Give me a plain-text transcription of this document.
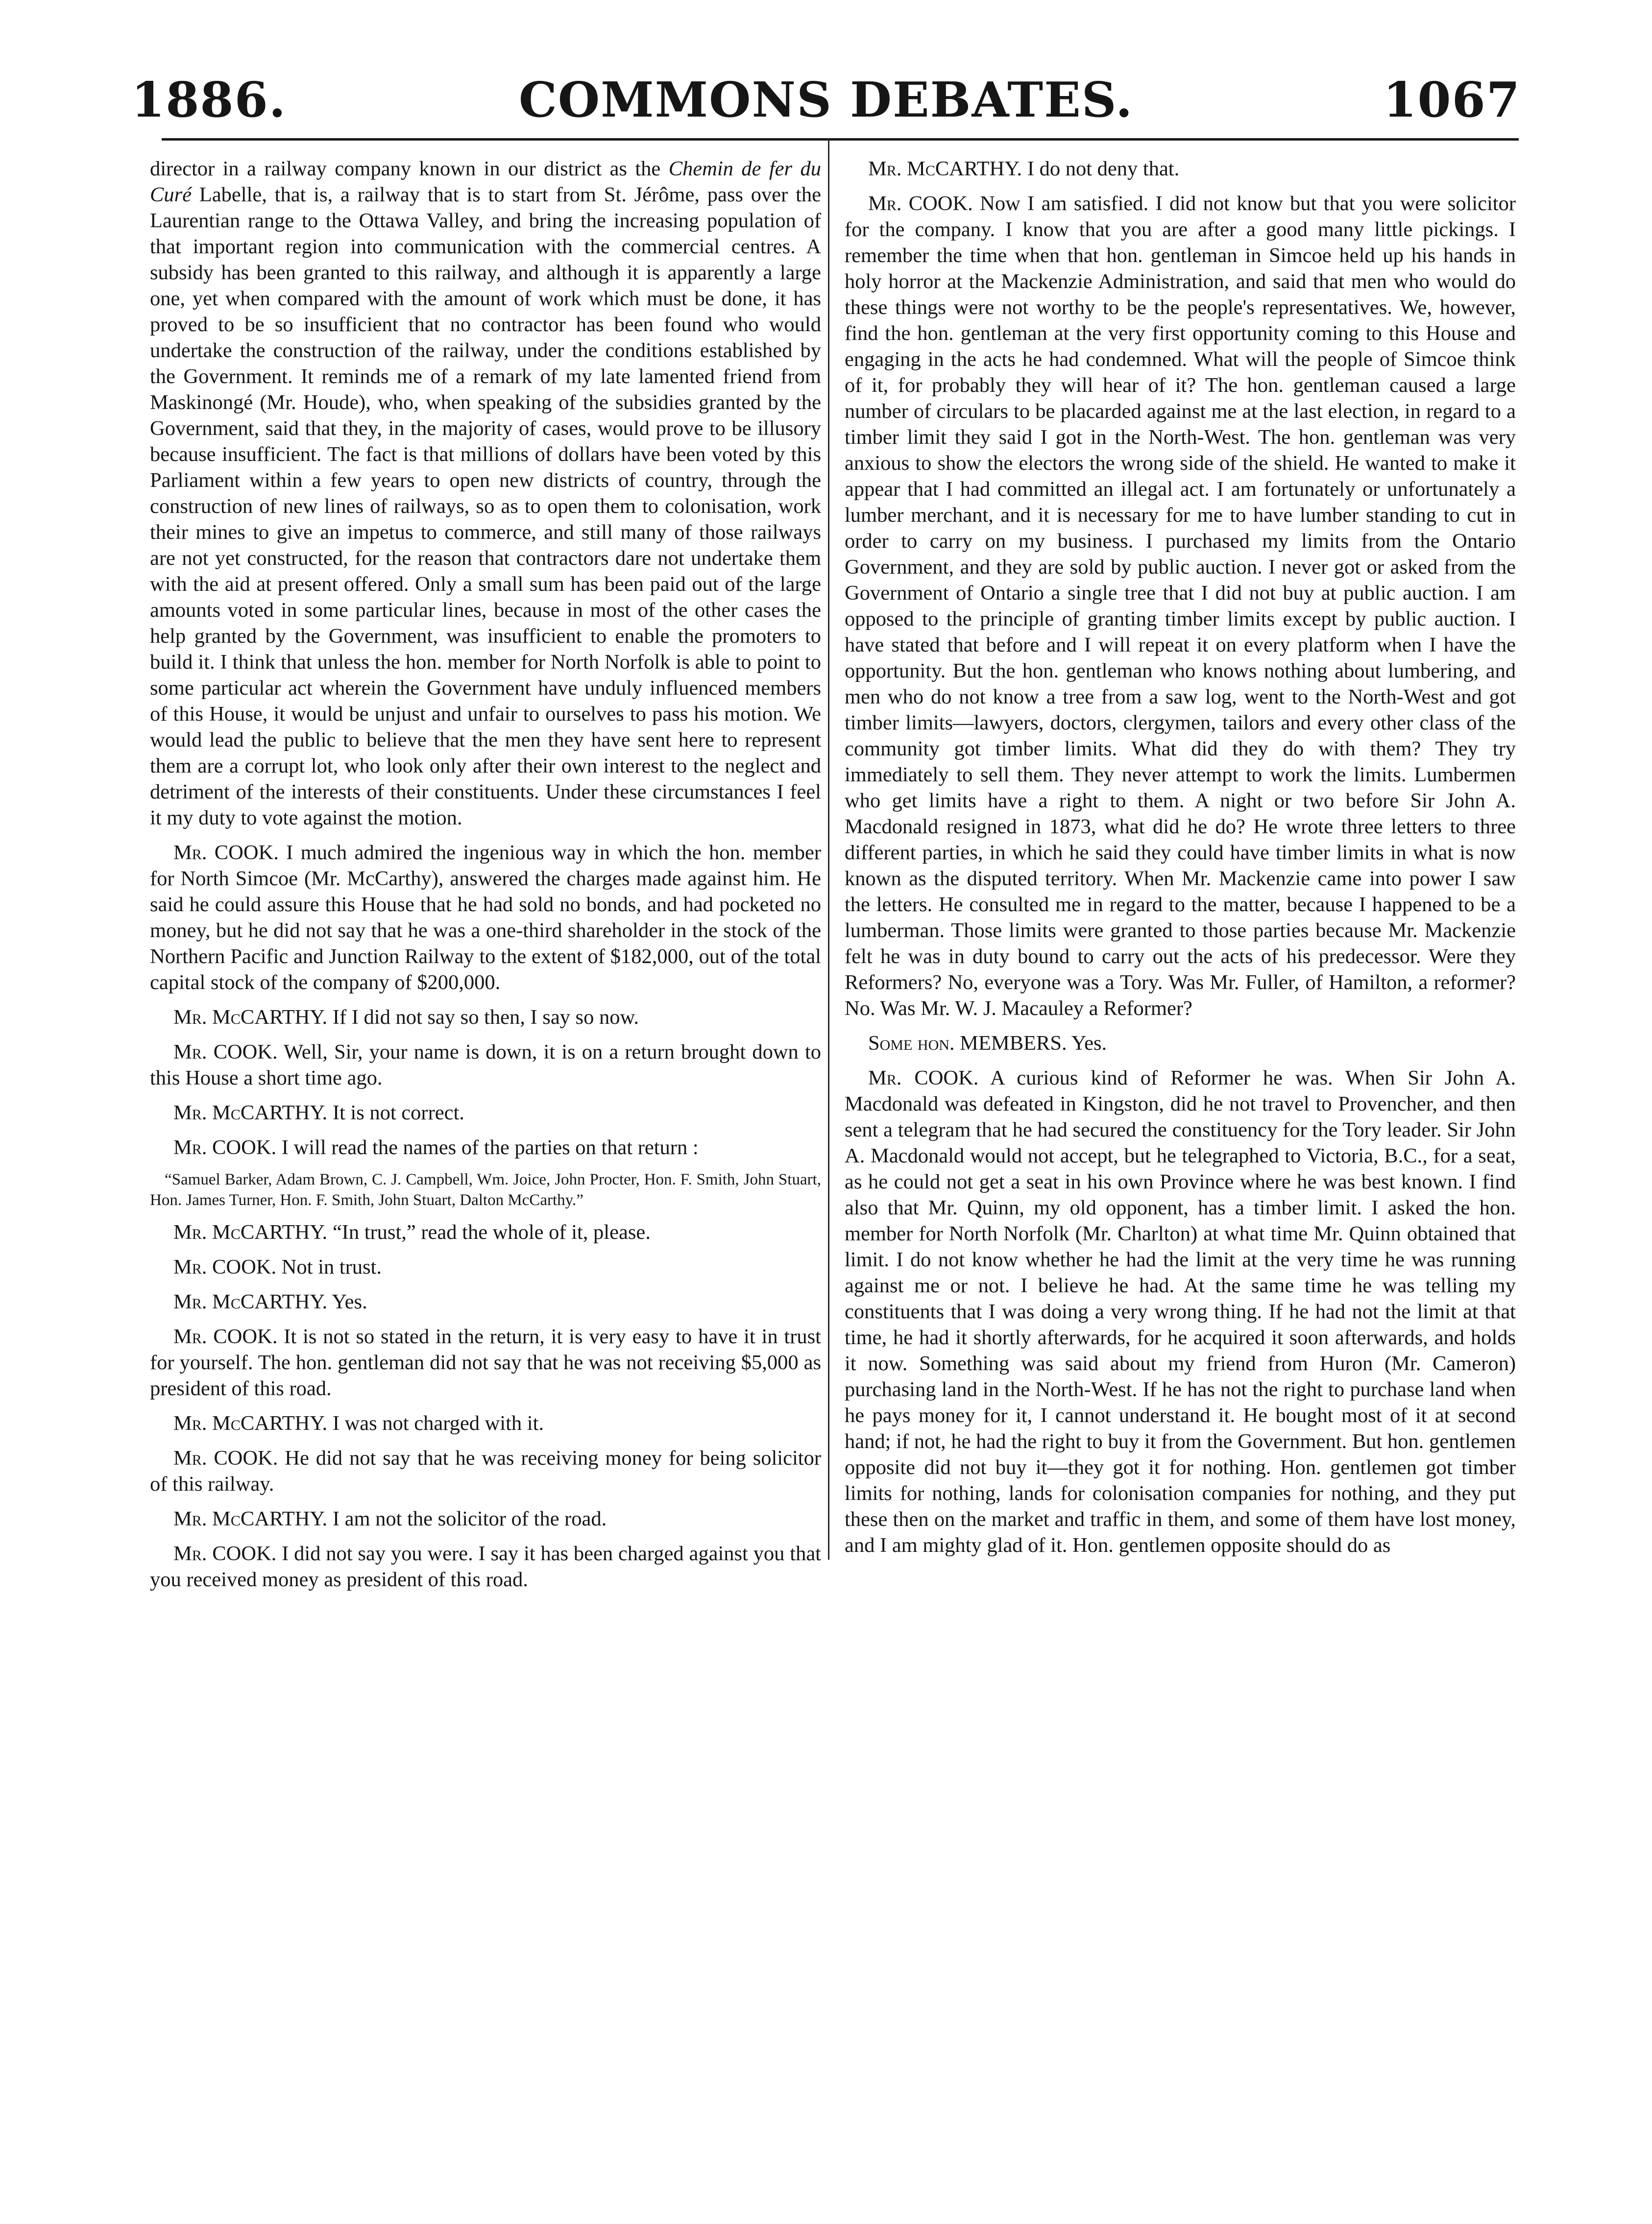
1886.	COMMONS DEBATES.	1067

director in a railway company known in our district as the Chemin de fer du Curé Labelle, that is, a railway that is to start from St. Jérôme, pass over the Laurentian range to the Ottawa Valley, and bring the increasing population of that important region into communication with the commercial centres. A subsidy has been granted to this railway, and although it is apparently a large one, yet when compared with the amount of work which must be done, it has proved to be so insufficient that no contractor has been found who would undertake the construction of the railway, under the conditions established by the Government. It reminds me of a remark of my late lamented friend from Maskinongé (Mr. Houde), who, when speaking of the subsidies granted by the Government, said that they, in the majority of cases, would prove to be illusory because insufficient. The fact is that millions of dollars have been voted by this Parliament within a few years to open new districts of country, through the construction of new lines of railways, so as to open them to colonisation, work their mines to give an impetus to commerce, and still many of those railways are not yet constructed, for the reason that contractors dare not undertake them with the aid at present offered. Only a small sum has been paid out of the large amounts voted in some particular lines, because in most of the other cases the help granted by the Government, was insufficient to enable the promoters to build it. I think that unless the hon. member for North Norfolk is able to point to some particular act wherein the Government have unduly influenced members of this House, it would be unjust and unfair to ourselves to pass his motion. We would lead the public to believe that the men they have sent here to represent them are a corrupt lot, who look only after their own interest to the neglect and detriment of the interests of their constituents. Under these circumstances I feel it my duty to vote against the motion.

Mr. COOK. I much admired the ingenious way in which the hon. member for North Simcoe (Mr. McCarthy), answered the charges made against him. He said he could assure this House that he had sold no bonds, and had pocketed no money, but he did not say that he was a one-third shareholder in the stock of the Northern Pacific and Junction Railway to the extent of $182,000, out of the total capital stock of the company of $200,000.

Mr. McCARTHY. If I did not say so then, I say so now.

Mr. COOK. Well, Sir, your name is down, it is on a return brought down to this House a short time ago.

Mr. McCARTHY. It is not correct.

Mr. COOK. I will read the names of the parties on that return :

“Samuel Barker, Adam Brown, C. J. Campbell, Wm. Joice, John Procter, Hon. F. Smith, John Stuart, Hon. James Turner, Hon. F. Smith, John Stuart, Dalton McCarthy.”

Mr. McCARTHY. “In trust,” read the whole of it, please.

Mr. COOK. Not in trust.

Mr. McCARTHY. Yes.

Mr. COOK. It is not so stated in the return, it is very easy to have it in trust for yourself. The hon. gentleman did not say that he was not receiving $5,000 as president of this road.

Mr. McCARTHY. I was not charged with it.

Mr. COOK. He did not say that he was receiving money for being solicitor of this railway.

Mr. McCARTHY. I am not the solicitor of the road.

Mr. COOK. I did not say you were. I say it has been charged against you that you received money as president of this road.

Mr. McCARTHY. I do not deny that.

Mr. COOK. Now I am satisfied. I did not know but that you were solicitor for the company. I know that you are after a good many little pickings. I remember the time when that hon. gentleman in Simcoe held up his hands in holy horror at the Mackenzie Administration, and said that men who would do these things were not worthy to be the people's representatives. We, however, find the hon. gentleman at the very first opportunity coming to this House and engaging in the acts he had condemned. What will the people of Simcoe think of it, for probably they will hear of it? The hon. gentleman caused a large number of circulars to be placarded against me at the last election, in regard to a timber limit they said I got in the North-West. The hon. gentleman was very anxious to show the electors the wrong side of the shield. He wanted to make it appear that I had committed an illegal act. I am fortunately or unfortunately a lumber merchant, and it is necessary for me to have lumber standing to cut in order to carry on my business. I purchased my limits from the Ontario Government, and they are sold by public auction. I never got or asked from the Government of Ontario a single tree that I did not buy at public auction. I am opposed to the principle of granting timber limits except by public auction. I have stated that before and I will repeat it on every platform when I have the opportunity. But the hon. gentleman who knows nothing about lumbering, and men who do not know a tree from a saw log, went to the North-West and got timber limits—lawyers, doctors, clergymen, tailors and every other class of the community got timber limits. What did they do with them? They try immediately to sell them. They never attempt to work the limits. Lumbermen who get limits have a right to them. A night or two before Sir John A. Macdonald resigned in 1873, what did he do? He wrote three letters to three different parties, in which he said they could have timber limits in what is now known as the disputed territory. When Mr. Mackenzie came into power I saw the letters. He consulted me in regard to the matter, because I happened to be a lumberman. Those limits were granted to those parties because Mr. Mackenzie felt he was in duty bound to carry out the acts of his predecessor. Were they Reformers? No, everyone was a Tory. Was Mr. Fuller, of Hamilton, a reformer? No. Was Mr. W. J. Macauley a Reformer?

Some hon. MEMBERS. Yes.

Mr. COOK. A curious kind of Reformer he was. When Sir John A. Macdonald was defeated in Kingston, did he not travel to Provencher, and then sent a telegram that he had secured the constituency for the Tory leader. Sir John A. Macdonald would not accept, but he telegraphed to Victoria, B.C., for a seat, as he could not get a seat in his own Province where he was best known. I find also that Mr. Quinn, my old opponent, has a timber limit. I asked the hon. member for North Norfolk (Mr. Charlton) at what time Mr. Quinn obtained that limit. I do not know whether he had the limit at the very time he was running against me or not. I believe he had. At the same time he was telling my constituents that I was doing a very wrong thing. If he had not the limit at that time, he had it shortly afterwards, for he acquired it soon afterwards, and holds it now. Something was said about my friend from Huron (Mr. Cameron) purchasing land in the North-West. If he has not the right to purchase land when he pays money for it, I cannot understand it. He bought most of it at second hand; if not, he had the right to buy it from the Government. But hon. gentlemen opposite did not buy it—they got it for nothing. Hon. gentlemen got timber limits for nothing, lands for colonisation companies for nothing, and they put these then on the market and traffic in them, and some of them have lost money, and I am mighty glad of it. Hon. gentlemen opposite should do as
